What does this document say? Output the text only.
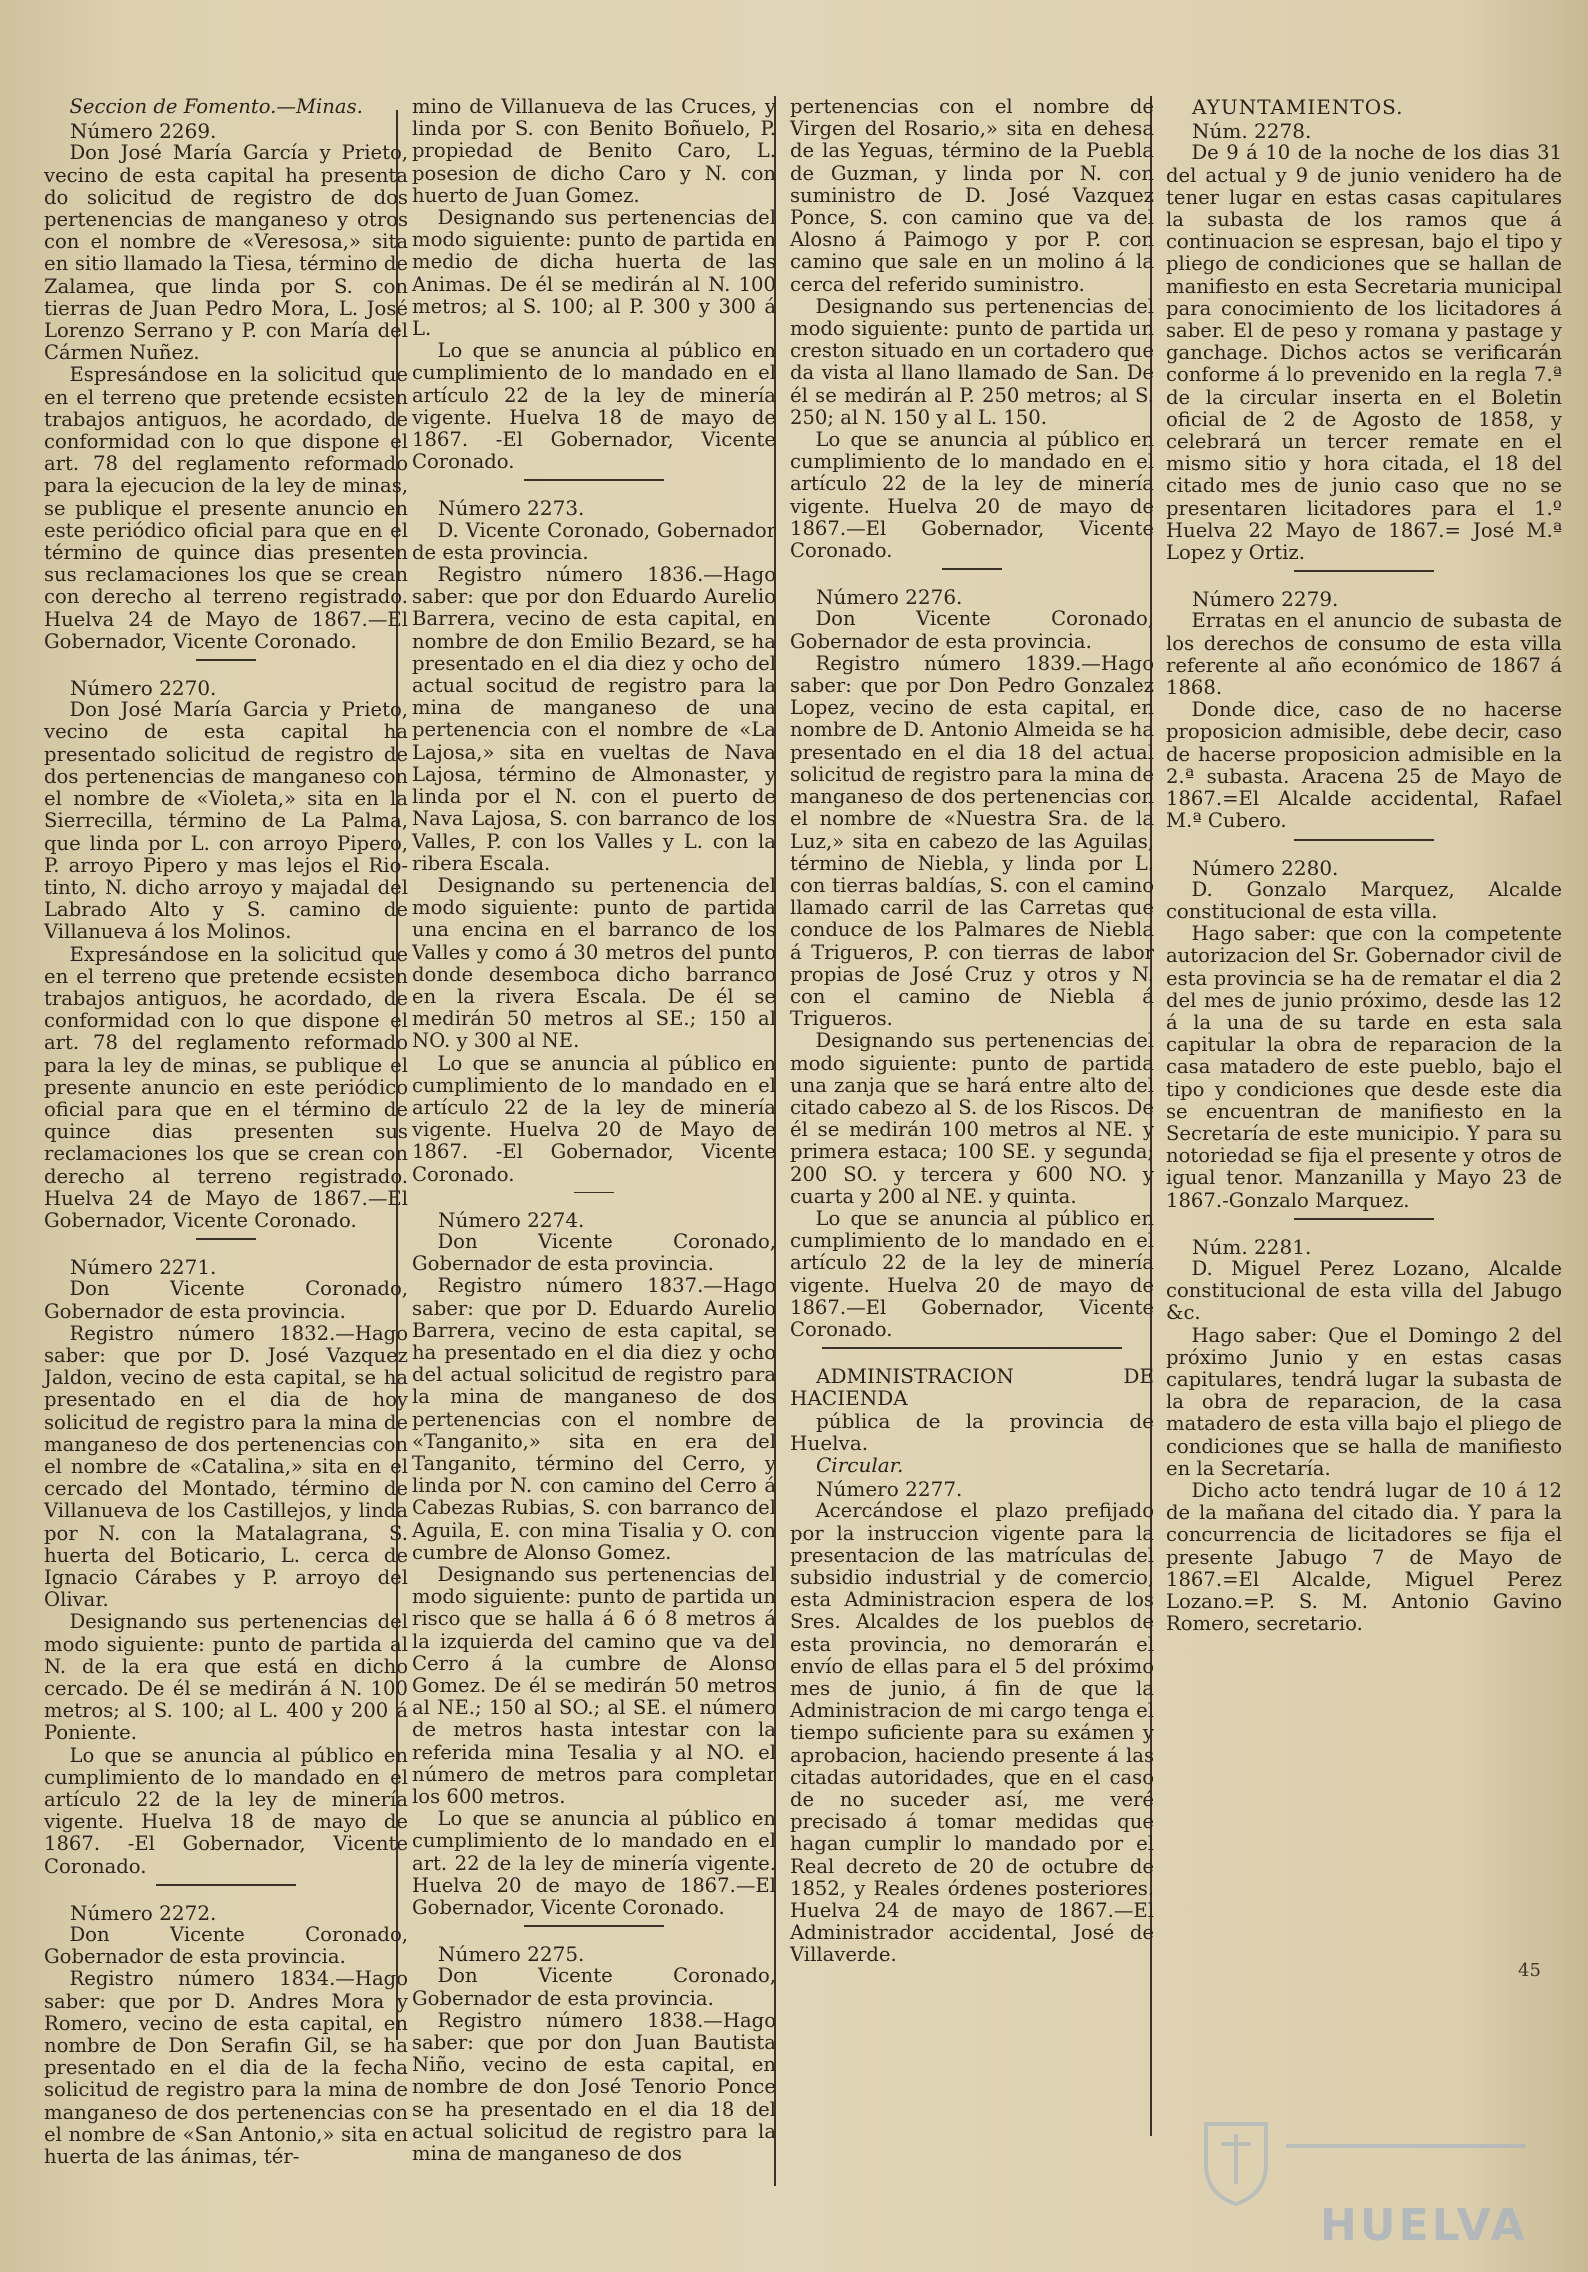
Seccion de Fomento.—Minas.

Número 2269.

Don José María García y Prieto, vecino de esta capital ha presenta do solicitud de registro de dos pertenencias de manganeso y otros con el nombre de «Veresosa,» sita en sitio llamado la Tiesa, término de Zalamea, que linda por S. con tierras de Juan Pedro Mora, L. José Lorenzo Serrano y P. con María del Cármen Nuñez.

Espresándose en la solicitud que en el terreno que pretende ecsisten trabajos antiguos, he acordado, de conformidad con lo que dispone el art. 78 del reglamento reformado para la ejecucion de la ley de minas, se publique el presente anuncio en este periódico oficial para que en el término de quince dias presenten sus reclamaciones los que se crean con derecho al terreno registrado. Huelva 24 de Mayo de 1867.—El Gobernador, Vicente Coronado.

Número 2270.

Don José María Garcia y Prieto, vecino de esta capital ha presentado solicitud de registro de dos pertenencias de manganeso con el nombre de «Violeta,» sita en la Sierrecilla, término de La Palma, que linda por L. con arroyo Pipero, P. arroyo Pipero y mas lejos el Rio-tinto, N. dicho arroyo y majadal del Labrado Alto y S. camino de Villanueva á los Molinos.

Expresándose en la solicitud que en el terreno que pretende ecsisten trabajos antiguos, he acordado, de conformidad con lo que dispone el art. 78 del reglamento reformado para la ley de minas, se publique el presente anuncio en este periódico oficial para que en el término de quince dias presenten sus reclamaciones los que se crean con derecho al terreno registrado. Huelva 24 de Mayo de 1867.—El Gobernador, Vicente Coronado.

Número 2271.

Don Vicente Coronado, Gobernador de esta provincia.

Registro número 1832.—Hago saber: que por D. José Vazquez Jaldon, vecino de esta capital, se ha presentado en el dia de hoy solicitud de registro para la mina de manganeso de dos pertenencias con el nombre de «Catalina,» sita en el cercado del Montado, término de Villanueva de los Castillejos, y linda por N. con la Matalagrana, S. huerta del Boticario, L. cerca de Ignacio Cárabes y P. arroyo del Olivar.

Designando sus pertenencias del modo siguiente: punto de partida al N. de la era que está en dicho cercado. De él se medirán á N. 100 metros; al S. 100; al L. 400 y 200 á Poniente.

Lo que se anuncia al público en cumplimiento de lo mandado en el artículo 22 de la ley de minería vigente. Huelva 18 de mayo de 1867. -El Gobernador, Vicente Coronado.

Número 2272.

Don Vicente Coronado, Gobernador de esta provincia.

Registro número 1834.—Hago saber: que por D. Andres Mora y Romero, vecino de esta capital, en nombre de Don Serafin Gil, se ha presentado en el dia de la fecha solicitud de registro para la mina de manganeso de dos pertenencias con el nombre de «San Antonio,» sita en huerta de las ánimas, tér-

mino de Villanueva de las Cruces, y linda por S. con Benito Boñuelo, P. propiedad de Benito Caro, L. posesion de dicho Caro y N. con huerto de Juan Gomez.

Designando sus pertenencias del modo siguiente: punto de partida en medio de dicha huerta de las Animas. De él se medirán al N. 100 metros; al S. 100; al P. 300 y 300 á L.

Lo que se anuncia al público en cumplimiento de lo mandado en el artículo 22 de la ley de minería vigente. Huelva 18 de mayo de 1867. -El Gobernador, Vicente Coronado.

Número 2273.

D. Vicente Coronado, Gobernador de esta provincia.

Registro número 1836.—Hago saber: que por don Eduardo Aurelio Barrera, vecino de esta capital, en nombre de don Emilio Bezard, se ha presentado en el dia diez y ocho del actual socitud de registro para la mina de manganeso de una pertenencia con el nombre de «La Lajosa,» sita en vueltas de Nava Lajosa, término de Almonaster, y linda por el N. con el puerto de Nava Lajosa, S. con barranco de los Valles, P. con los Valles y L. con la ribera Escala.

Designando su pertenencia del modo siguiente: punto de partida una encina en el barranco de los Valles y como á 30 metros del punto donde desemboca dicho barranco en la rivera Escala. De él se medirán 50 metros al SE.; 150 al NO. y 300 al NE.

Lo que se anuncia al público en cumplimiento de lo mandado en el artículo 22 de la ley de minería vigente. Huelva 20 de Mayo de 1867. -El Gobernador, Vicente Coronado.

Número 2274.

Don Vicente Coronado, Gobernador de esta provincia.

Registro número 1837.—Hago saber: que por D. Eduardo Aurelio Barrera, vecino de esta capital, se ha presentado en el dia diez y ocho del actual solicitud de registro para la mina de manganeso de dos pertenencias con el nombre de «Tanganito,» sita en era del Tanganito, término del Cerro, y linda por N. con camino del Cerro á Cabezas Rubias, S. con barranco del Aguila, E. con mina Tisalia y O. con cumbre de Alonso Gomez.

Designando sus pertenencias del modo siguiente: punto de partida un risco que se halla á 6 ó 8 metros á la izquierda del camino que va del Cerro á la cumbre de Alonso Gomez. De él se medirán 50 metros al NE.; 150 al SO.; al SE. el número de metros hasta intestar con la referida mina Tesalia y al NO. el número de metros para completar los 600 metros.

Lo que se anuncia al público en cumplimiento de lo mandado en el art. 22 de la ley de minería vigente. Huelva 20 de mayo de 1867.—El Gobernador, Vicente Coronado.

Número 2275.

Don Vicente Coronado, Gobernador de esta provincia.

Registro número 1838.—Hago saber: que por don Juan Bautista Niño, vecino de esta capital, en nombre de don José Tenorio Ponce se ha presentado en el dia 18 del actual solicitud de registro para la mina de manganeso de dos

pertenencias con el nombre de Virgen del Rosario,» sita en dehesa de las Yeguas, término de la Puebla de Guzman, y linda por N. con suministro de D. José Vazquez Ponce, S. con camino que va del Alosno á Paimogo y por P. con camino que sale en un molino á la cerca del referido suministro.

Designando sus pertenencias del modo siguiente: punto de partida un creston situado en un cortadero que da vista al llano llamado de San. De él se medirán al P. 250 metros; al S. 250; al N. 150 y al L. 150.

Lo que se anuncia al público en cumplimiento de lo mandado en el artículo 22 de la ley de minería vigente. Huelva 20 de mayo de 1867.—El Gobernador, Vicente Coronado.

Número 2276.

Don Vicente Coronado, Gobernador de esta provincia.

Registro número 1839.—Hago saber: que por Don Pedro Gonzalez Lopez, vecino de esta capital, en nombre de D. Antonio Almeida se ha presentado en el dia 18 del actual solicitud de registro para la mina de manganeso de dos pertenencias con el nombre de «Nuestra Sra. de la Luz,» sita en cabezo de las Aguilas, término de Niebla, y linda por L. con tierras baldías, S. con el camino llamado carril de las Carretas que conduce de los Palmares de Niebla á Trigueros, P. con tierras de labor propias de José Cruz y otros y N. con el camino de Niebla á Trigueros.

Designando sus pertenencias del modo siguiente: punto de partida una zanja que se hará entre alto del citado cabezo al S. de los Riscos. De él se medirán 100 metros al NE. y primera estaca; 100 SE. y segunda; 200 SO. y tercera y 600 NO. y cuarta y 200 al NE. y quinta.

Lo que se anuncia al público en cumplimiento de lo mandado en el artículo 22 de la ley de minería vigente. Huelva 20 de mayo de 1867.—El Gobernador, Vicente Coronado.

ADMINISTRACION DE HACIENDA

pública de la provincia de Huelva.

Circular.

Número 2277.

Acercándose el plazo prefijado por la instruccion vigente para la presentacion de las matrículas del subsidio industrial y de comercio, esta Administracion espera de los Sres. Alcaldes de los pueblos de esta provincia, no demorarán el envío de ellas para el 5 del próximo mes de junio, á fin de que la Administracion de mi cargo tenga el tiempo suficiente para su exámen y aprobacion, haciendo presente á las citadas autoridades, que en el caso de no suceder así, me veré precisado á tomar medidas que hagan cumplir lo mandado por el Real decreto de 20 de octubre de 1852, y Reales órdenes posteriores. Huelva 24 de mayo de 1867.—El Administrador accidental, José de Villaverde.

AYUNTAMIENTOS.

Núm. 2278.

De 9 á 10 de la noche de los dias 31 del actual y 9 de junio venidero ha de tener lugar en estas casas capitulares la subasta de los ramos que á continuacion se espresan, bajo el tipo y pliego de condiciones que se hallan de manifiesto en esta Secretaria municipal para conocimiento de los licitadores á saber. El de peso y romana y pastage y ganchage. Dichos actos se verificarán conforme á lo prevenido en la regla 7.ª de la circular inserta en el Boletin oficial de 2 de Agosto de 1858, y celebrará un tercer remate en el mismo sitio y hora citada, el 18 del citado mes de junio caso que no se presentaren licitadores para el 1.º Huelva 22 Mayo de 1867.= José M.ª Lopez y Ortiz.

Número 2279.

Erratas en el anuncio de subasta de los derechos de consumo de esta villa referente al año económico de 1867 á 1868.

Donde dice, caso de no hacerse proposicion admisible, debe decir, caso de hacerse proposicion admisible en la 2.ª subasta. Aracena 25 de Mayo de 1867.=El Alcalde accidental, Rafael M.ª Cubero.

Número 2280.

D. Gonzalo Marquez, Alcalde constitucional de esta villa.

Hago saber: que con la competente autorizacion del Sr. Gobernador civil de esta provincia se ha de rematar el dia 2 del mes de junio próximo, desde las 12 á la una de su tarde en esta sala capitular la obra de reparacion de la casa matadero de este pueblo, bajo el tipo y condiciones que desde este dia se encuentran de manifiesto en la Secretaría de este municipio. Y para su notoriedad se fija el presente y otros de igual tenor. Manzanilla y Mayo 23 de 1867.-Gonzalo Marquez.

Núm. 2281.

D. Miguel Perez Lozano, Alcalde constitucional de esta villa del Jabugo &c.

Hago saber: Que el Domingo 2 del próximo Junio y en estas casas capitulares, tendrá lugar la subasta de la obra de reparacion, de la casa matadero de esta villa bajo el pliego de condiciones que se halla de manifiesto en la Secretaría.

Dicho acto tendrá lugar de 10 á 12 de la mañana del citado dia. Y para la concurrencia de licitadores se fija el presente Jabugo 7 de Mayo de 1867.=El Alcalde, Miguel Perez Lozano.=P. S. M. Antonio Gavino Romero, secretario.

45
HUELVA
